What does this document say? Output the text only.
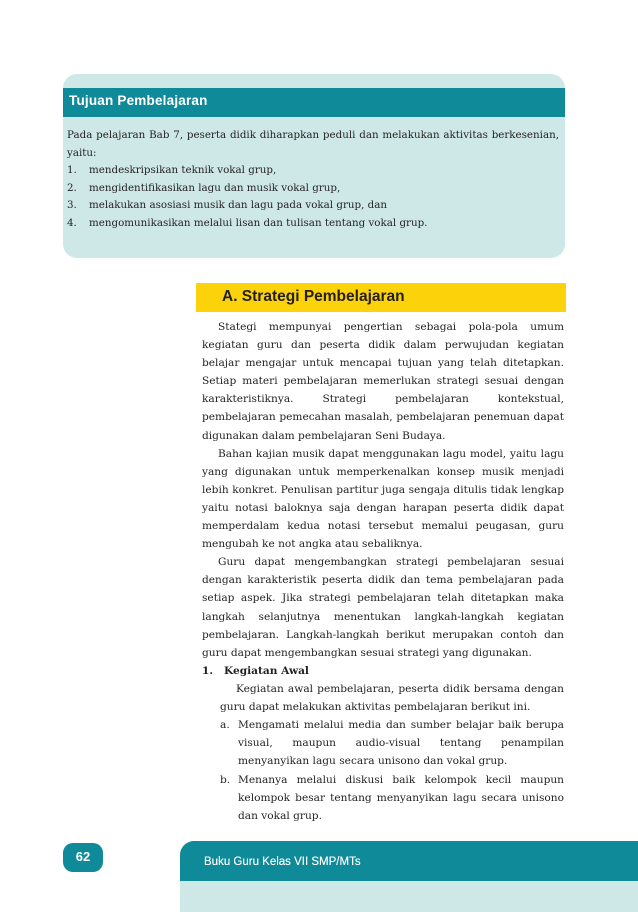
Tujuan Pembelajaran

Pada pelajaran Bab 7, peserta didik diharapkan peduli dan melakukan aktivitas berkesenian, yaitu:

1.	mendeskripsikan teknik vokal grup,
2.	mengidentifikasikan lagu dan musik vokal grup,
3.	melakukan asosiasi musik dan lagu pada vokal grup, dan
4.	mengomunikasikan melalui lisan dan tulisan tentang vokal grup.
A. Strategi Pembelajaran

Stategi mempunyai pengertian sebagai pola-pola umum kegiatan guru dan peserta didik dalam perwujudan kegiatan belajar mengajar untuk mencapai tujuan yang telah ditetapkan. Setiap materi pembelajaran memerlukan strategi sesuai dengan karakteristiknya. Strategi pembelajaran kontekstual, pembelajaran pemecahan masalah, pembelajaran penemuan dapat digunakan dalam pembelajaran Seni Budaya.

Bahan kajian musik dapat menggunakan lagu model, yaitu lagu yang digunakan untuk memperkenalkan konsep musik menjadi lebih konkret. Penulisan partitur juga sengaja ditulis tidak lengkap yaitu notasi baloknya saja dengan harapan peserta didik dapat memperdalam kedua notasi tersebut memalui peugasan, guru mengubah ke not angka atau sebaliknya.

Guru dapat mengembangkan strategi pembelajaran sesuai dengan karakteristik peserta didik dan tema pembelajaran pada setiap aspek. Jika strategi pembelajaran telah ditetapkan maka langkah selanjutnya menentukan langkah-langkah kegiatan pembelajaran. Langkah-langkah berikut merupakan contoh dan guru dapat mengembangkan sesuai strategi yang digunakan.

1.	Kegiatan Awal

Kegiatan awal pembelajaran, peserta didik bersama dengan guru dapat melakukan aktivitas pembelajaran berikut ini.

a. Mengamati melalui media dan sumber belajar baik berupa visual, maupun audio-visual tentang penampilan menyanyikan lagu secara unisono dan vokal grup.
b. Menanya melalui diskusi baik kelompok kecil maupun kelompok besar tentang menyanyikan lagu secara unisono dan vokal grup.
Buku Guru Kelas VII SMP/MTs
62
